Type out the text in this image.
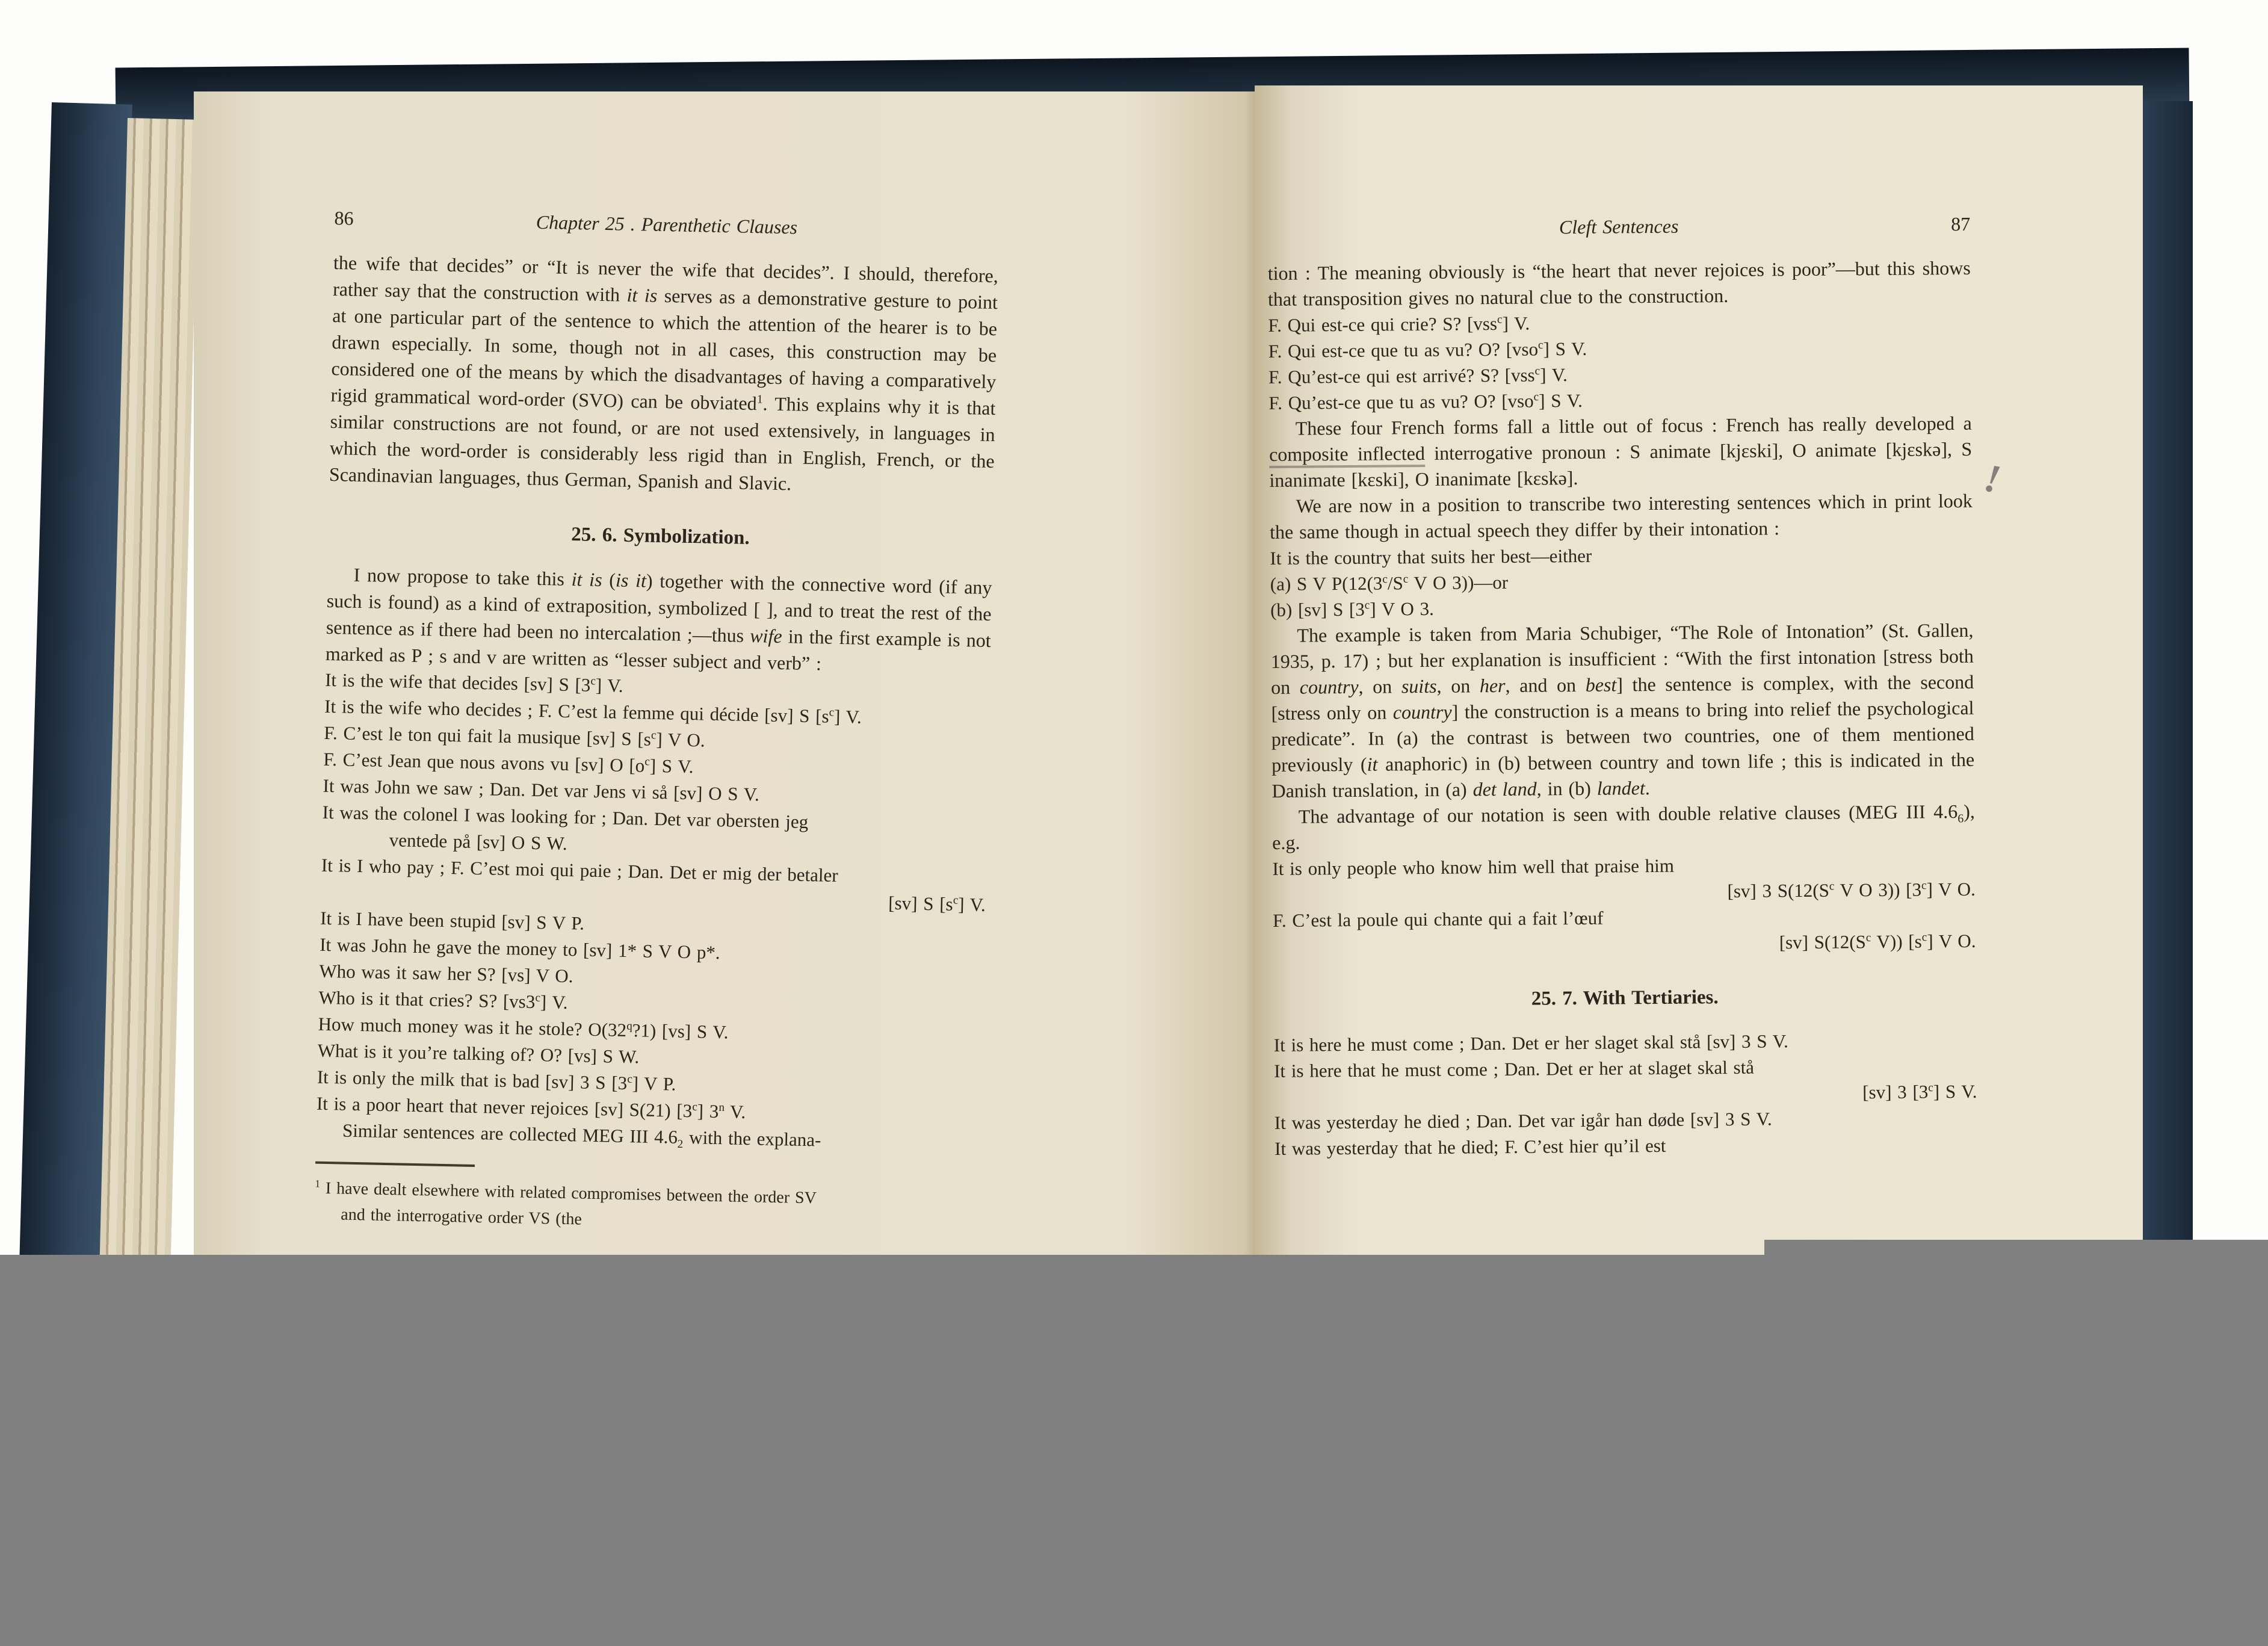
86	Chapter 25 . Parenthetic Clauses
the wife that decides” or “It is never the wife that decides”. I should, therefore, rather say that the construction with it is serves as a demonstrative gesture to point at one particular part of the sentence to which the attention of the hearer is to be drawn especially. In some, though not in all cases, this construction may be considered one of the means by which the disadvantages of having a comparatively rigid grammatical word-order (SVO) can be obviated$^1$. This explains why it is that similar constructions are not found, or are not used extensively, in languages in which the word-order is considerably less rigid than in English, French, or the Scandinavian languages, thus German, Spanish and Slavic.
25. 6. Symbolization.
I now propose to take this it is (is it) together with the connective word (if any such is found) as a kind of extraposition, symbolized [ ], and to treat the rest of the sentence as if there had been no intercalation ;—thus wife in the first example is not marked as P ; s and v are written as “lesser subject and verb” :
It is the wife that decides [sv] S [3$^c$] V.
It is the wife who decides ; F. C’est la femme qui décide [sv] S $[s^c]$ V.
F. C’est le ton qui fait la musique [sv] S $[s^c]$ V O.
F. C’est Jean que nous avons vu [sv] O $[o^c]$ S V.
It was John we saw ; Dan. Det var Jens vi så [sv] O S V.
It was the colonel I was looking for ; Dan. Det var obersten jeg
ventede på [sv] O S W.
It is I who pay ; F. C’est moi qui paie ; Dan. Det er mig der betaler
[sv] S $[s^c]$ V.
It is I have been stupid [sv] S V P.
It was John he gave the money to [sv] 1* S V O p*.
Who was it saw her S? [vs] V O.
Who is it that cries? S? [vs3$^c$] V.
How much money was it he stole? O(32$^q$?1) [vs] S V.
What is it you’re talking of? O? [vs] S W.
It is only the milk that is bad [sv] 3 S [3$^c$] V P.
It is a poor heart that never rejoices [sv] S(21) [3$^c$] 3$^n$ V.
Similar sentences are collected MEG III $4.6_2$ with the explana-
$^1$ I have dealt elsewhere with related compromises between the order SV
and the interrogative order VS (the
Cleft Sentences	87
tion : The meaning obviously is “the heart that never rejoices is poor”—but this shows that transposition gives no natural clue to the construction.
F. Qui est-ce qui crie? S? [vss$^c$] V.
F. Qui est-ce que tu as vu? O? [vso$^c$] S V.
F. Qu’est-ce qui est arrivé? S? [vss$^c$] V.
F. Qu’est-ce que tu as vu? O? [vso$^c$] S V.
These four French forms fall a little out of focus : French has really developed a composite inflected interrogative pronoun : S animate [kjɛski], O animate [kjɛskə], S inanimate [kɛski], O inanimate [kɛskə].
We are now in a position to transcribe two interesting sentences which in print look the same though in actual speech they differ by their intonation :
It is the country that suits her best—either
(a) S V $P(12(3^c/S^c$ V O 3))—or
(b) [sv] S [3$^c$] V O 3.
The example is taken from Maria Schubiger, “The Role of Intonation” (St. Gallen, 1935, p. 17) ; but her explanation is insufficient : “With the first intonation [stress both on country, on suits, on her, and on best] the sentence is complex, with the second [stress only on country] the construction is a means to bring into relief the psychological predicate”. In (a) the contrast is between two countries, one of them mentioned previously (it anaphoric) in (b) between country and town life ; this is indicated in the Danish translation, in (a) det land, in (b) landet.
The advantage of our notation is seen with double relative clauses (MEG III $4.6_6$), e.g.
It is only people who know him well that praise him
[sv] 3 $S(12(S^c$ V O 3)) [3$^c$] V O.
F. C’est la poule qui chante qui a fait l’œuf
[sv] $S(12(S^c$ V)) $[s^c]$ V O.
25. 7. With Tertiaries.
It is here he must come ; Dan. Det er her slaget skal stå [sv] 3 S V.
It is here that he must come ; Dan. Det er her at slaget skal stå
[sv] 3 [3$^c$] S V.
It was yesterday he died ; Dan. Det var igår han døde [sv] 3 S V.
It was yesterday that he died; F. C’est hier qu’il est
!
